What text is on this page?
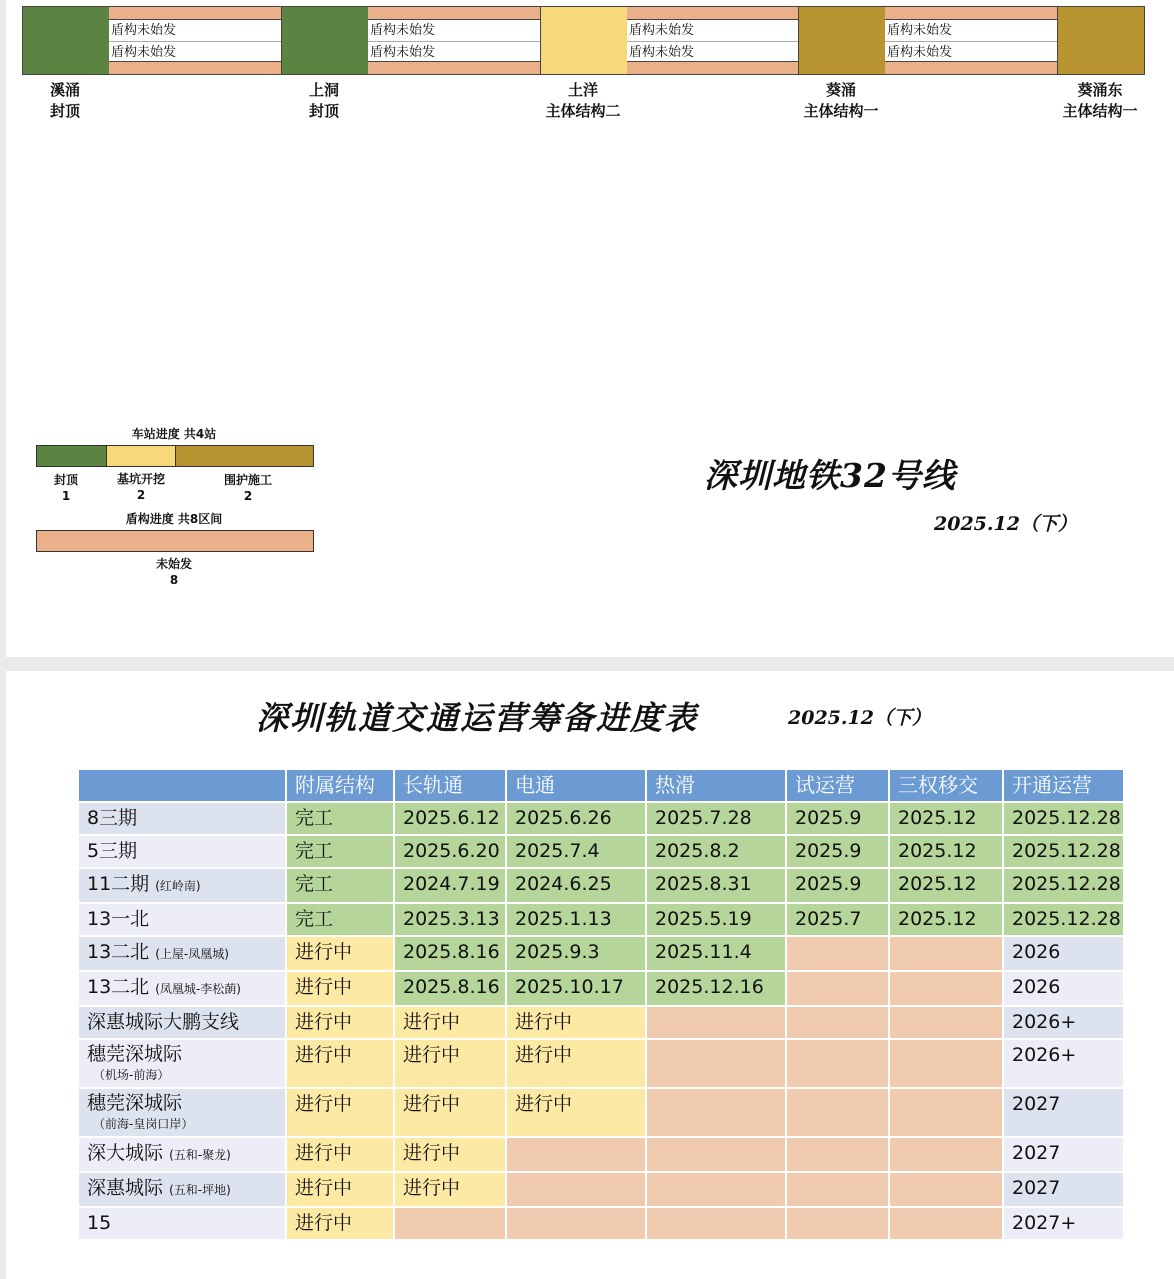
盾构未始发
盾构未始发
盾构未始发
盾构未始发
盾构未始发
盾构未始发
盾构未始发
盾构未始发
溪涌
封顶
上洞
封顶
土洋
主体结构二
葵涌
主体结构一
葵涌东
主体结构一
车站进度 共4站
封顶
1
基坑开挖
2
围护施工
2
盾构进度 共8区间
未始发
8
深圳地铁32号线
2025.12（下）
深圳轨道交通运营筹备进度表	2025.12（下）
	附属结构	长轨通	电通	热滑	试运营	三权移交	开通运营
8三期	完工	2025.6.12	2025.6.26	2025.7.28	2025.9	2025.12	2025.12.28
5三期	完工	2025.6.20	2025.7.4	2025.8.2	2025.9	2025.12	2025.12.28
11二期 (红岭南)	完工	2024.7.19	2024.6.25	2025.8.31	2025.9	2025.12	2025.12.28
13一北	完工	2025.3.13	2025.1.13	2025.5.19	2025.7	2025.12	2025.12.28
13二北 (上屋-凤凰城)	进行中	2025.8.16	2025.9.3	2025.11.4			2026
13二北 (凤凰城-李松蓢)	进行中	2025.8.16	2025.10.17	2025.12.16			2026
深惠城际大鹏支线	进行中	进行中	进行中				2026+
穗莞深城际
（机场-前海）	进行中	进行中	进行中				2026+
穗莞深城际
（前海-皇岗口岸）	进行中	进行中	进行中				2027
深大城际 (五和-聚龙)	进行中	进行中					2027
深惠城际 (五和-坪地)	进行中	进行中					2027
15	进行中						2027+
